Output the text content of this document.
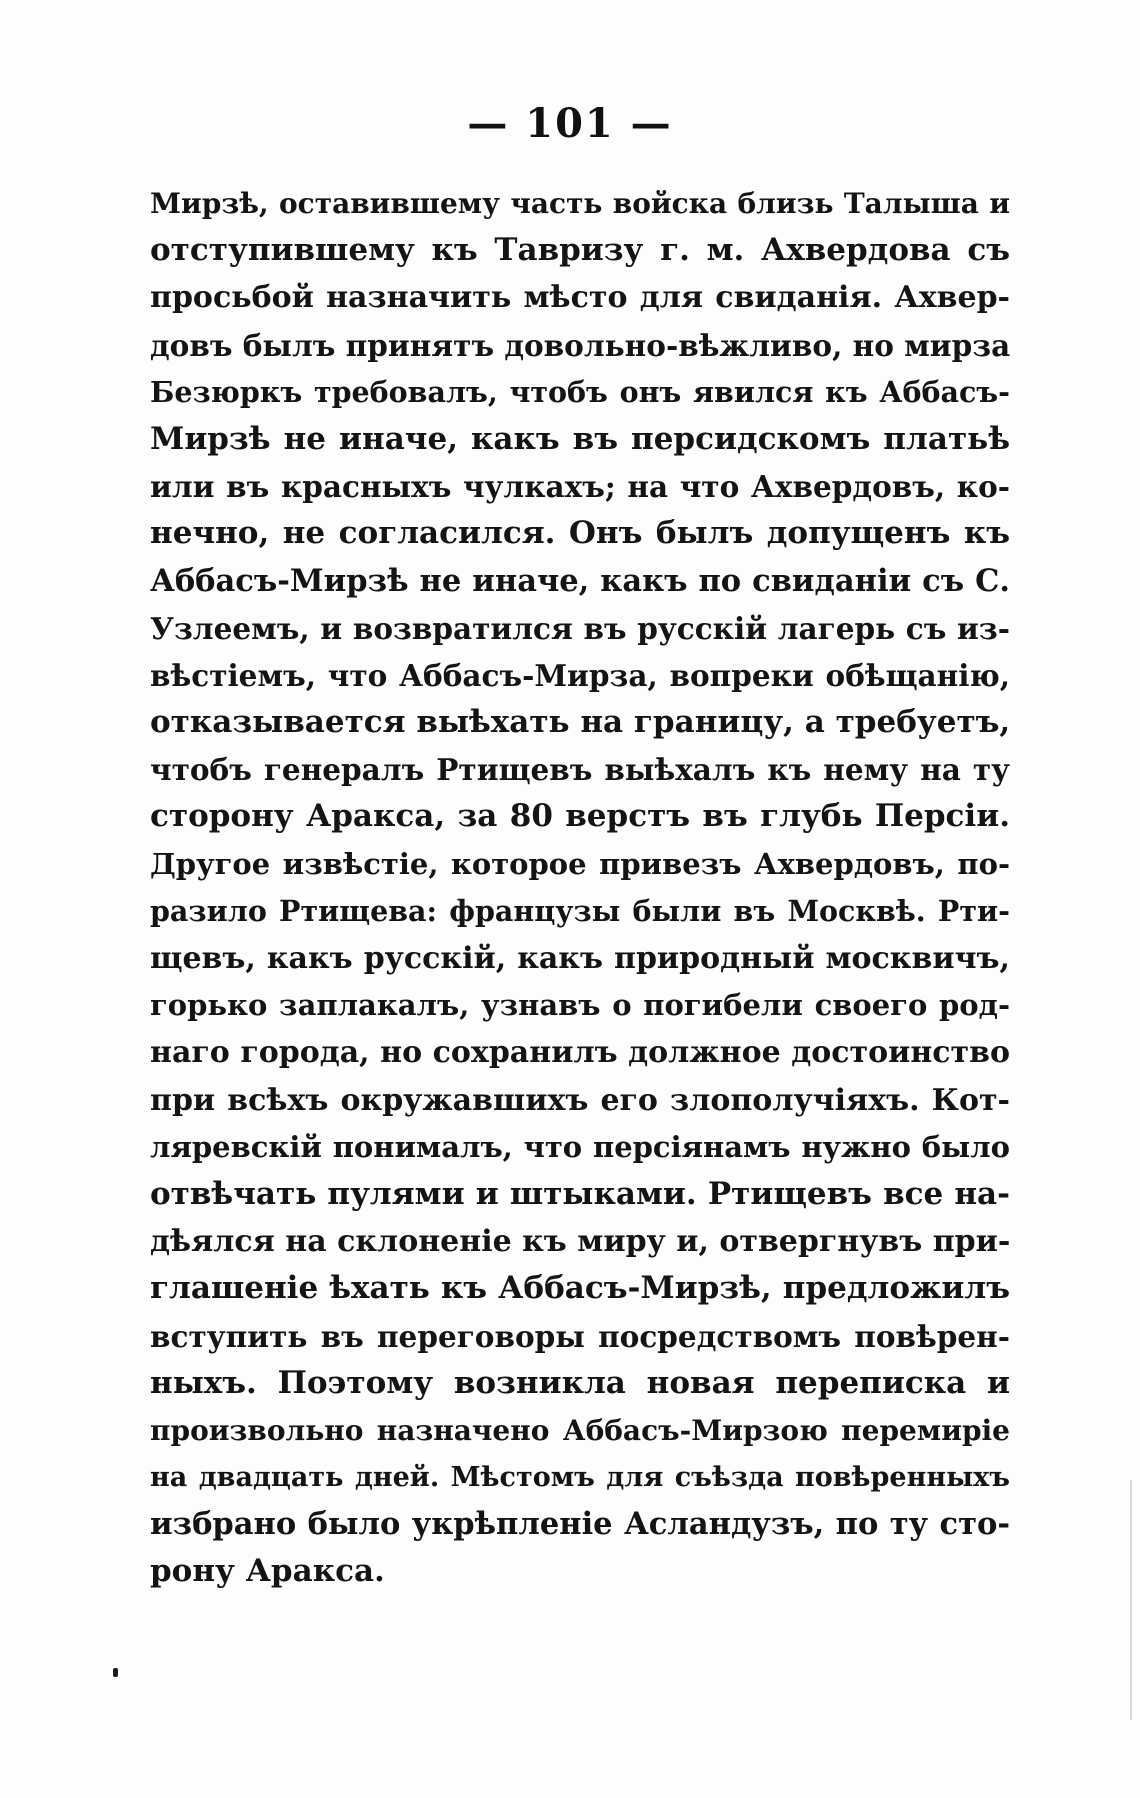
— 101 —
Мирзѣ, оставившему часть войска близь Талыша и
отступившему къ Тавризу г. м. Ахвердова съ
просьбой назначить мѣсто для свиданія. Ахвер-
довъ былъ принятъ довольно-вѣжливо, но мирза
Безюркъ требовалъ, чтобъ онъ явился къ Аббасъ-
Мирзѣ не иначе, какъ въ персидскомъ платьѣ
или въ красныхъ чулкахъ; на что Ахвердовъ, ко-
нечно, не согласился. Онъ былъ допущенъ къ
Аббасъ-Мирзѣ не иначе, какъ по свиданіи съ С.
Узлеемъ, и возвратился въ русскій лагерь съ из-
вѣстіемъ, что Аббасъ-Мирза, вопреки обѣщанію,
отказывается выѣхать на границу, а требуетъ,
чтобъ генералъ Ртищевъ выѣхалъ къ нему на ту
сторону Аракса, за 80 верстъ въ глубь Персіи.
Другое извѣстіе, которое привезъ Ахвердовъ, по-
разило Ртищева: французы были въ Москвѣ. Рти-
щевъ, какъ русскій, какъ природный москвичъ,
горько заплакалъ, узнавъ о погибели своего род-
наго города, но сохранилъ должное достоинство
при всѣхъ окружавшихъ его злополучіяхъ. Кот-
ляревскій понималъ, что персіянамъ нужно было
отвѣчать пулями и штыками. Ртищевъ все на-
дѣялся на склоненіе къ миру и, отвергнувъ при-
глашеніе ѣхать къ Аббасъ-Мирзѣ, предложилъ
вступить въ переговоры посредствомъ повѣрен-
ныхъ. Поэтому возникла новая переписка и
произвольно назначено Аббасъ-Мирзою перемиріе
на двадцать дней. Мѣстомъ для съѣзда повѣренныхъ
избрано было укрѣпленіе Асландузъ, по ту сто-
рону Аракса.
